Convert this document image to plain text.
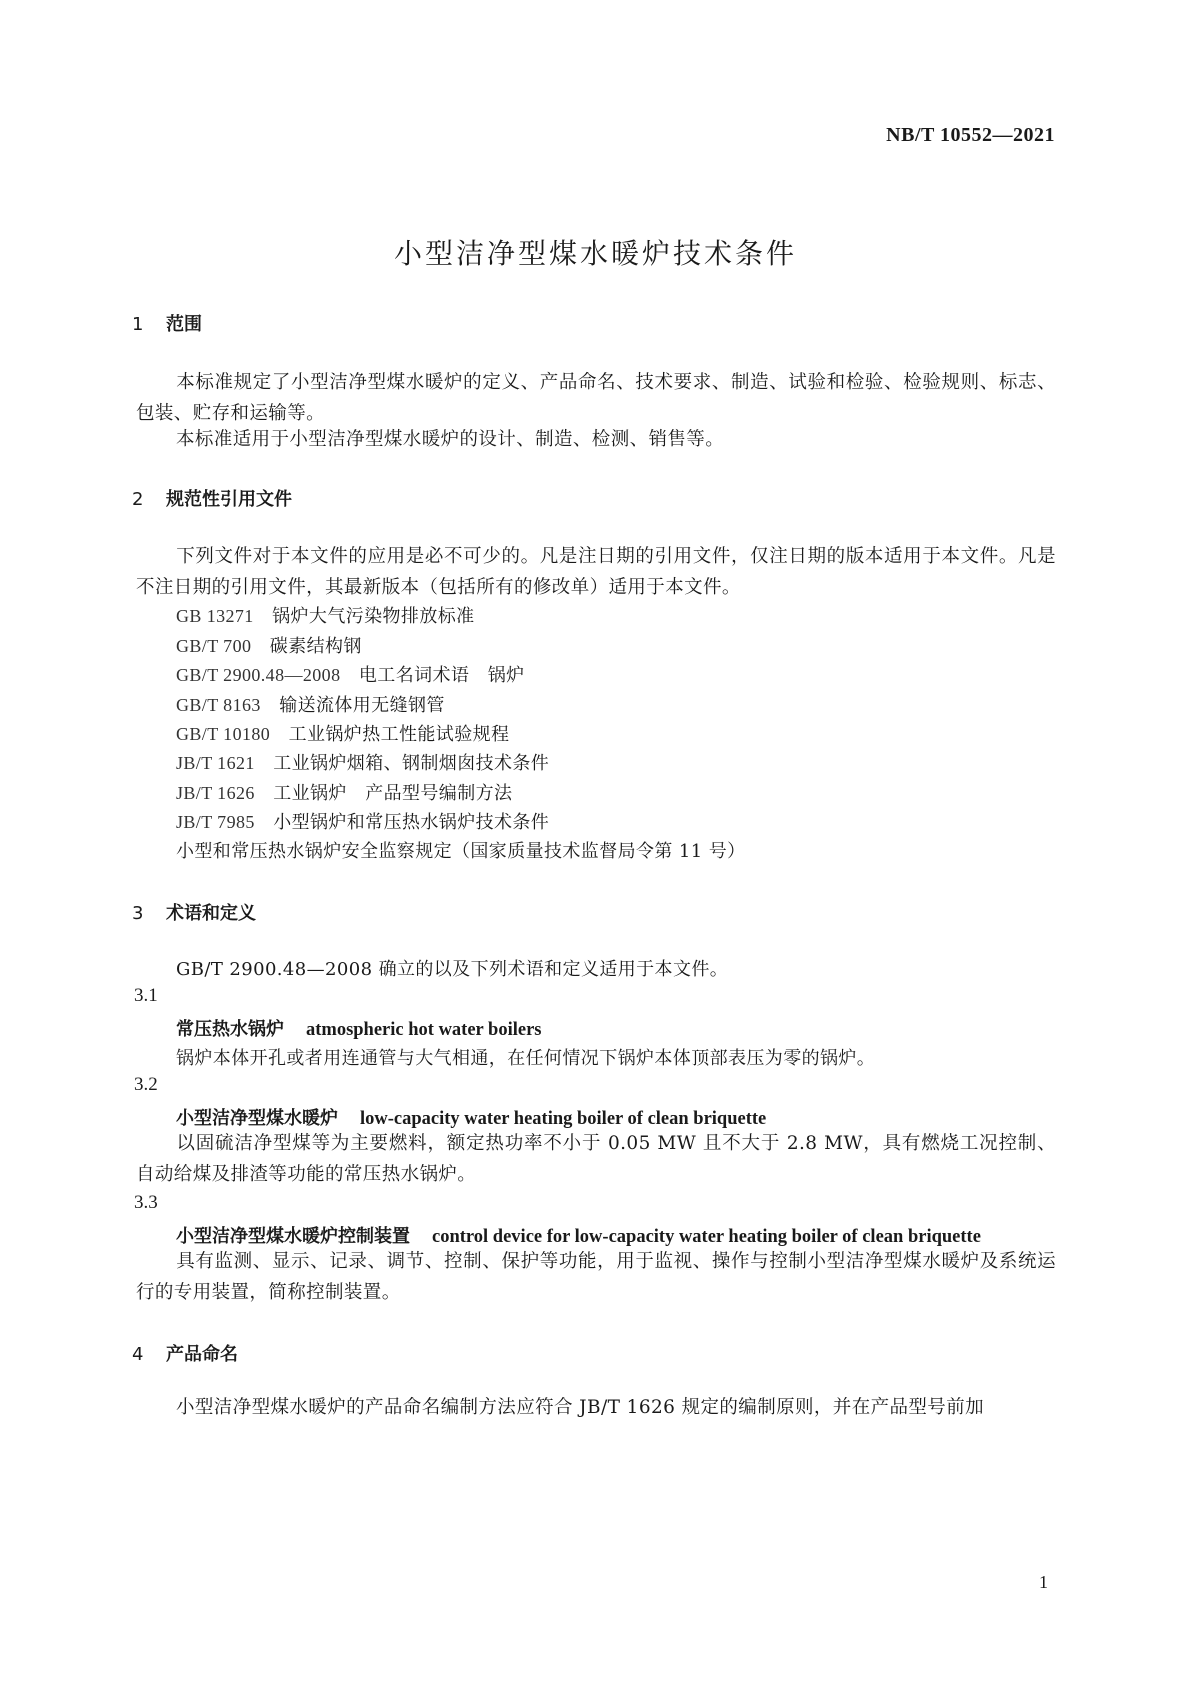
NB/T 10552—2021
小型洁净型煤水暖炉技术条件
1 范围
本标准规定了小型洁净型煤水暖炉的定义、产品命名、技术要求、制造、试验和检验、检验规则、标志、包装、贮存和运输等。
本标准适用于小型洁净型煤水暖炉的设计、制造、检测、销售等。
2 规范性引用文件
下列文件对于本文件的应用是必不可少的。凡是注日期的引用文件，仅注日期的版本适用于本文件。凡是不注日期的引用文件，其最新版本（包括所有的修改单）适用于本文件。
GB 13271　 锅炉大气污染物排放标准
GB/T 700　 碳素结构钢
GB/T 2900.48—2008　 电工名词术语　锅炉
GB/T 8163　 输送流体用无缝钢管
GB/T 10180　 工业锅炉热工性能试验规程
JB/T 1621　 工业锅炉烟箱、钢制烟囱技术条件
JB/T 1626　 工业锅炉　产品型号编制方法
JB/T 7985　 小型锅炉和常压热水锅炉技术条件
小型和常压热水锅炉安全监察规定（国家质量技术监督局令第 11 号）
3 术语和定义
GB/T 2900.48—2008 确立的以及下列术语和定义适用于本文件。
3.1
常压热水锅炉 atmospheric hot water boilers
锅炉本体开孔或者用连通管与大气相通，在任何情况下锅炉本体顶部表压为零的锅炉。
3.2
小型洁净型煤水暖炉 low-capacity water heating boiler of clean briquette
以固硫洁净型煤等为主要燃料，额定热功率不小于 0.05 MW 且不大于 2.8 MW，具有燃烧工况控制、自动给煤及排渣等功能的常压热水锅炉。
3.3
小型洁净型煤水暖炉控制装置 control device for low-capacity water heating boiler of clean briquette
具有监测、显示、记录、调节、控制、保护等功能，用于监视、操作与控制小型洁净型煤水暖炉及系统运行的专用装置，简称控制装置。
4 产品命名
小型洁净型煤水暖炉的产品命名编制方法应符合 JB/T 1626 规定的编制原则，并在产品型号前加
1
